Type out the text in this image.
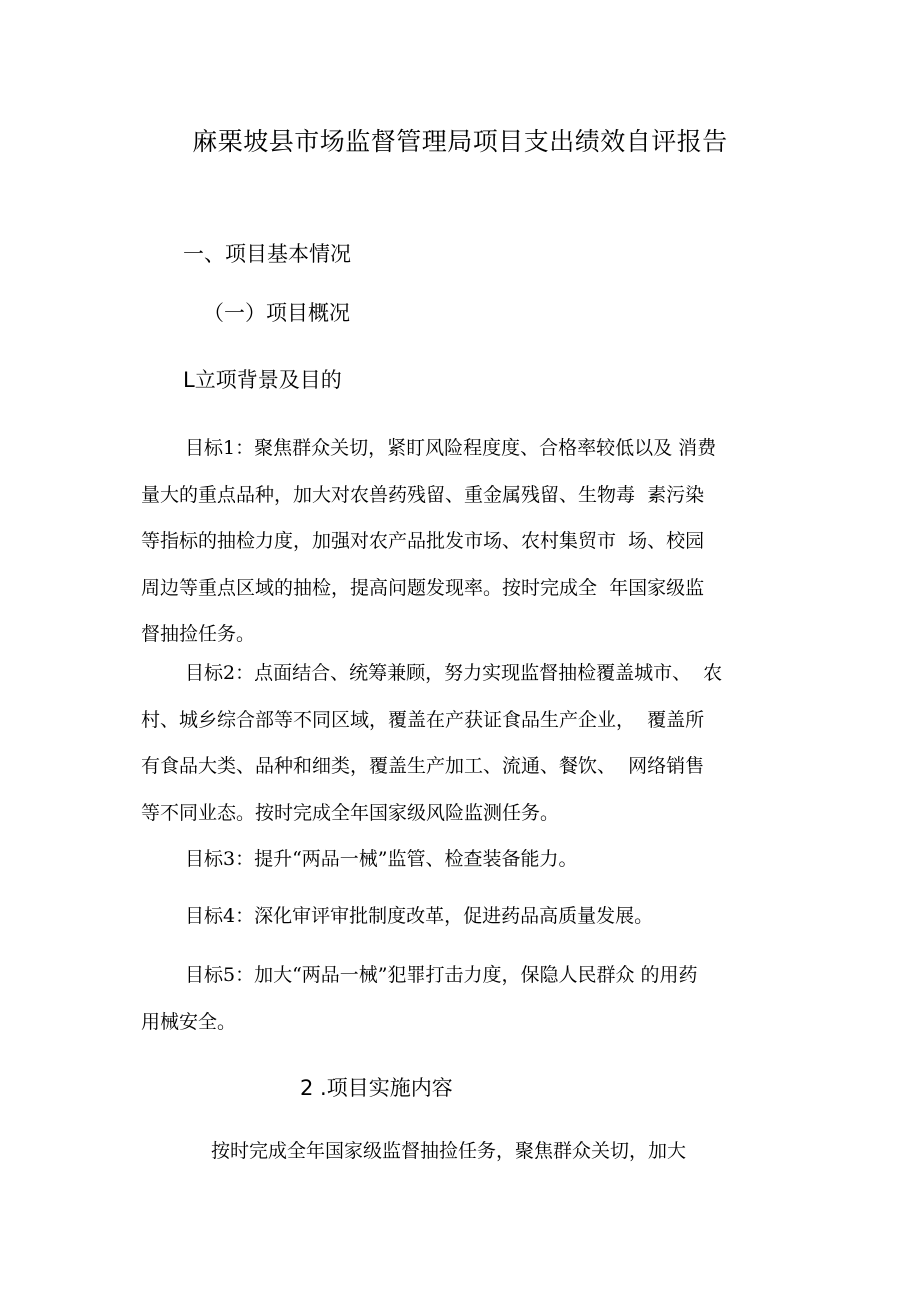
麻栗坡县市场监督管理局项目支出绩效自评报告
一、项目基本情况
（一）项目概况
L立项背景及目的
目标1：聚焦群众关切，紧盯风险程度度、合格率较低以及 消费
量大的重点品种，加大对农兽药残留、重金属残留、生物毒  素污染
等指标的抽检力度，加强对农产品批发市场、农村集贸市  场、校园
周边等重点区域的抽检，提高问题发现率。按时完成全  年国家级监
督抽捡任务。
目标2：点面结合、统筹兼顾，努力实现监督抽检覆盖城市、  农
村、城乡综合部等不同区域，覆盖在产获证食品生产企业，  覆盖所
有食品大类、品种和细类，覆盖生产加工、流通、餐饮、  网络销售
等不同业态。按时完成全年国家级风险监测任务。
目标3：提升“两品一械”监管、检查装备能力。
目标4：深化审评审批制度改革，促进药品高质量发展。
目标5：加大“两品一械”犯罪打击力度，保隐人民群众 的用药
用械安全。
2 .项目实施内容
按时完成全年国家级监督抽捡任务，聚焦群众关切，加大
